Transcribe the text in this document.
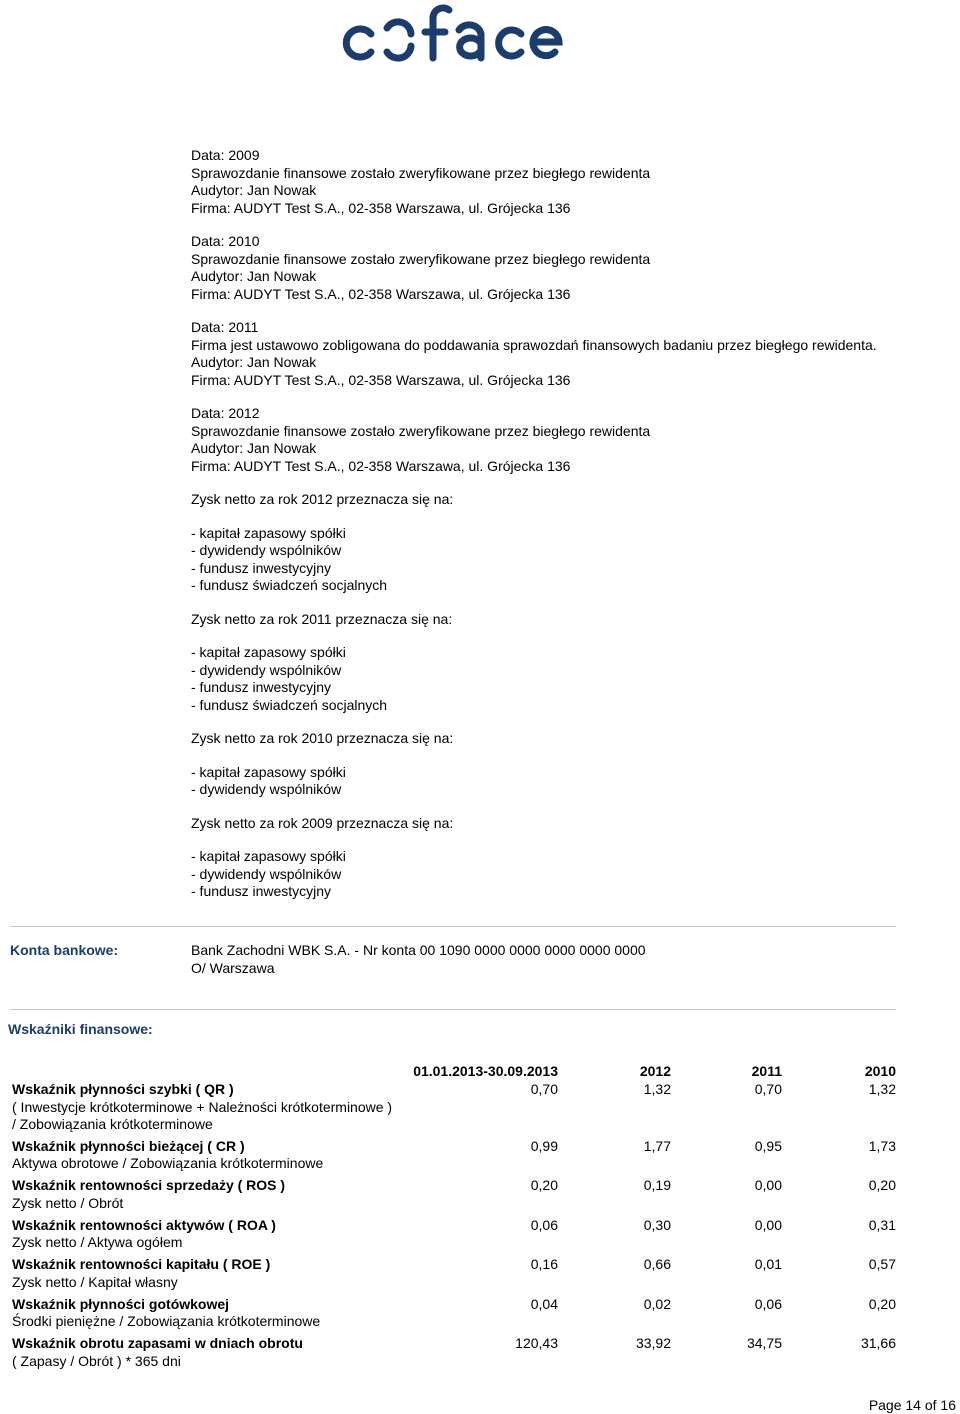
Data: 2009
Sprawozdanie finansowe zostało zweryfikowane przez biegłego rewidenta
Audytor: Jan Nowak
Firma: AUDYT Test S.A., 02-358 Warszawa, ul. Grójecka 136
Data: 2010
Sprawozdanie finansowe zostało zweryfikowane przez biegłego rewidenta
Audytor: Jan Nowak
Firma: AUDYT Test S.A., 02-358 Warszawa, ul. Grójecka 136
Data: 2011
Firma jest ustawowo zobligowana do poddawania sprawozdań finansowych badaniu przez biegłego rewidenta.
Audytor: Jan Nowak
Firma: AUDYT Test S.A., 02-358 Warszawa, ul. Grójecka 136
Data: 2012
Sprawozdanie finansowe zostało zweryfikowane przez biegłego rewidenta
Audytor: Jan Nowak
Firma: AUDYT Test S.A., 02-358 Warszawa, ul. Grójecka 136
Zysk netto za rok 2012 przeznacza się na:
- kapitał zapasowy spółki
- dywidendy wspólników
- fundusz inwestycyjny
- fundusz świadczeń socjalnych
Zysk netto za rok 2011 przeznacza się na:
- kapitał zapasowy spółki
- dywidendy wspólników
- fundusz inwestycyjny
- fundusz świadczeń socjalnych
Zysk netto za rok 2010 przeznacza się na:
- kapitał zapasowy spółki
- dywidendy wspólników
Zysk netto za rok 2009 przeznacza się na:
- kapitał zapasowy spółki
- dywidendy wspólników
- fundusz inwestycyjny
Konta bankowe:	Bank Zachodni WBK S.A. - Nr konta 00 1090 0000 0000 0000 0000 0000
O/ Warszawa
Wskaźniki finansowe:
01.01.2013-30.09.2013	2012	2011	2010
Wskaźnik płynności szybki ( QR )
( Inwestycje krótkoterminowe + Należności krótkoterminowe )
/ Zobowiązania krótkoterminowe
0,70	1,32	0,70	1,32
Wskaźnik płynności bieżącej ( CR )
Aktywa obrotowe / Zobowiązania krótkoterminowe
0,99	1,77	0,95	1,73
Wskaźnik rentowności sprzedaży ( ROS )
Zysk netto / Obrót
0,20	0,19	0,00	0,20
Wskaźnik rentowności aktywów ( ROA )
Zysk netto / Aktywa ogółem
0,06	0,30	0,00	0,31
Wskaźnik rentowności kapitału ( ROE )
Zysk netto / Kapitał własny
0,16	0,66	0,01	0,57
Wskaźnik płynności gotówkowej
Środki pieniężne / Zobowiązania krótkoterminowe
0,04	0,02	0,06	0,20
Wskaźnik obrotu zapasami w dniach obrotu
( Zapasy / Obrót ) * 365 dni
120,43	33,92	34,75	31,66
Page 14 of 16
